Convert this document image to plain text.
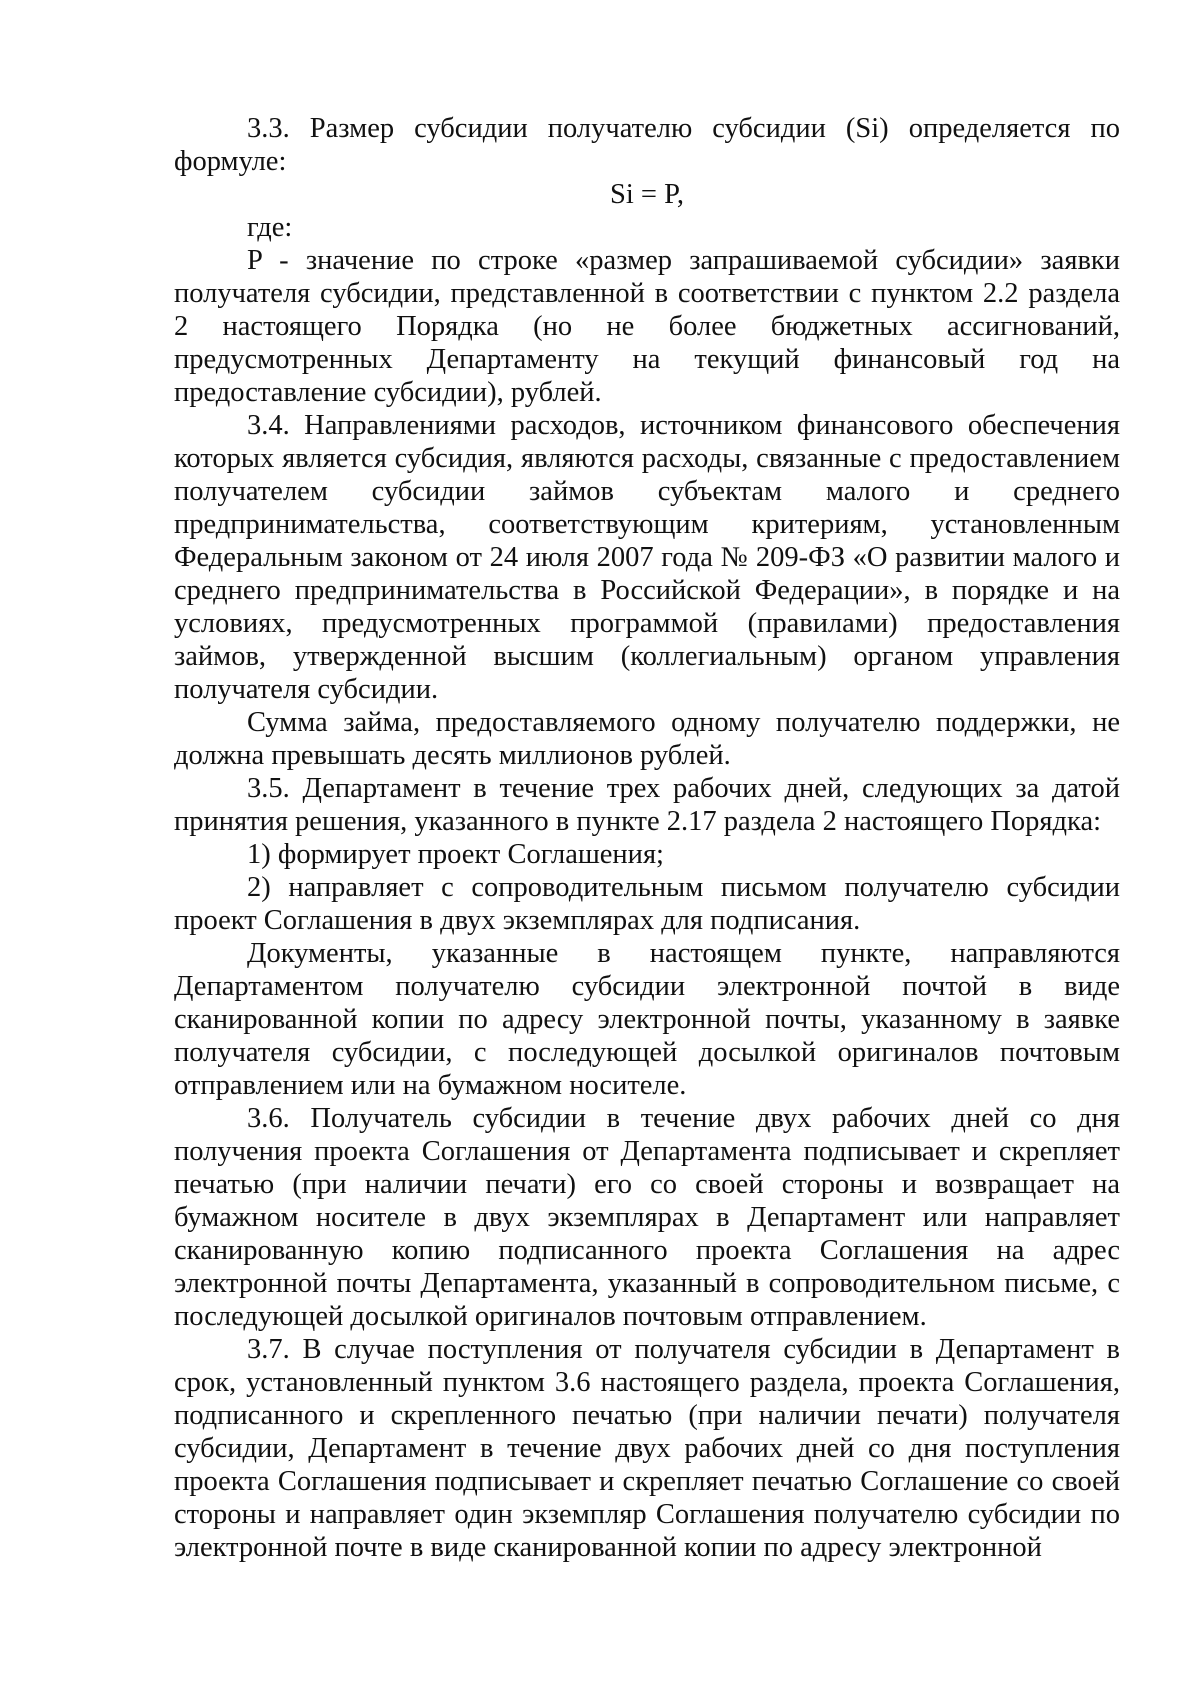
3.3. Размер субсидии получателю субсидии (Si) определяется по формуле:

Si = P,

где:

P - значение по строке «размер запрашиваемой субсидии» заявки получателя субсидии, представленной в соответствии с пунктом 2.2 раздела 2 настоящего Порядка (но не более бюджетных ассигнований, предусмотренных Департаменту на текущий финансовый год на предоставление субсидии), рублей.

3.4. Направлениями расходов, источником финансового обеспечения которых является субсидия, являются расходы, связанные с предоставлением получателем субсидии займов субъектам малого и среднего предпринимательства, соответствующим критериям, установленным Федеральным законом от 24 июля 2007 года № 209-ФЗ «О развитии малого и среднего предпринимательства в Российской Федерации», в порядке и на условиях, предусмотренных программой (правилами) предоставления займов, утвержденной высшим (коллегиальным) органом управления получателя субсидии.

Сумма займа, предоставляемого одному получателю поддержки, не должна превышать десять миллионов рублей.

3.5. Департамент в течение трех рабочих дней, следующих за датой принятия решения, указанного в пункте 2.17 раздела 2 настоящего Порядка:

1) формирует проект Соглашения;

2) направляет с сопроводительным письмом получателю субсидии проект Соглашения в двух экземплярах для подписания.

Документы, указанные в настоящем пункте, направляются Департаментом получателю субсидии электронной почтой в виде сканированной копии по адресу электронной почты, указанному в заявке получателя субсидии, с последующей досылкой оригиналов почтовым отправлением или на бумажном носителе.

3.6. Получатель субсидии в течение двух рабочих дней со дня получения проекта Соглашения от Департамента подписывает и скрепляет печатью (при наличии печати) его со своей стороны и возвращает на бумажном носителе в двух экземплярах в Департамент или направляет сканированную копию подписанного проекта Соглашения на адрес электронной почты Департамента, указанный в сопроводительном письме, с последующей досылкой оригиналов почтовым отправлением.

3.7. В случае поступления от получателя субсидии в Департамент в срок, установленный пунктом 3.6 настоящего раздела, проекта Соглашения, подписанного и скрепленного печатью (при наличии печати) получателя субсидии, Департамент в течение двух рабочих дней со дня поступления проекта Соглашения подписывает и скрепляет печатью Соглашение со своей стороны и направляет один экземпляр Соглашения получателю субсидии по электронной почте в виде сканированной копии по адресу электронной
